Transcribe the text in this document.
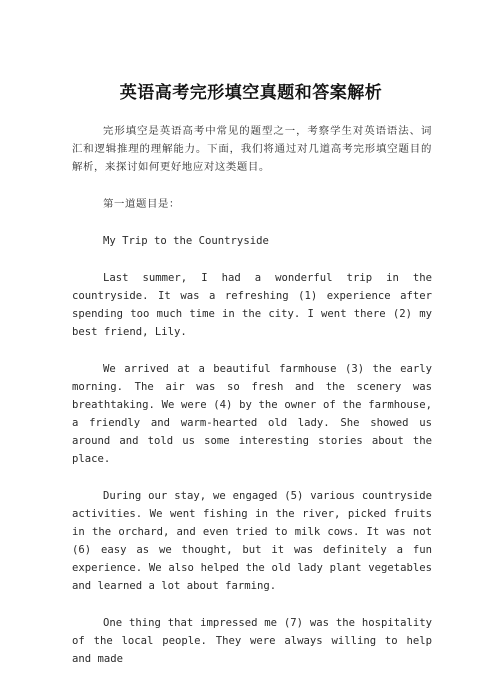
英语高考完形填空真题和答案解析

完形填空是英语高考中常见的题型之一，考察学生对英语语法、词汇和逻辑推理的理解能力。下面，我们将通过对几道高考完形填空题目的解析，来探讨如何更好地应对这类题目。

第一道题目是：

My Trip to the Countryside

Last summer, I had a wonderful trip in the countryside. It was a refreshing (1) experience after spending too much time in the city. I went there (2) my best friend, Lily.

We arrived at a beautiful farmhouse (3) the early morning. The air was so fresh and the scenery was breathtaking. We were (4) by the owner of the farmhouse, a friendly and warm-hearted old lady. She showed us around and told us some interesting stories about the place.

During our stay, we engaged (5) various countryside activities. We went fishing in the river, picked fruits in the orchard, and even tried to milk cows. It was not (6) easy as we thought, but it was definitely a fun experience. We also helped the old lady plant vegetables and learned a lot about farming.

One thing that impressed me (7) was the hospitality of the local people. They were always willing to help and made
